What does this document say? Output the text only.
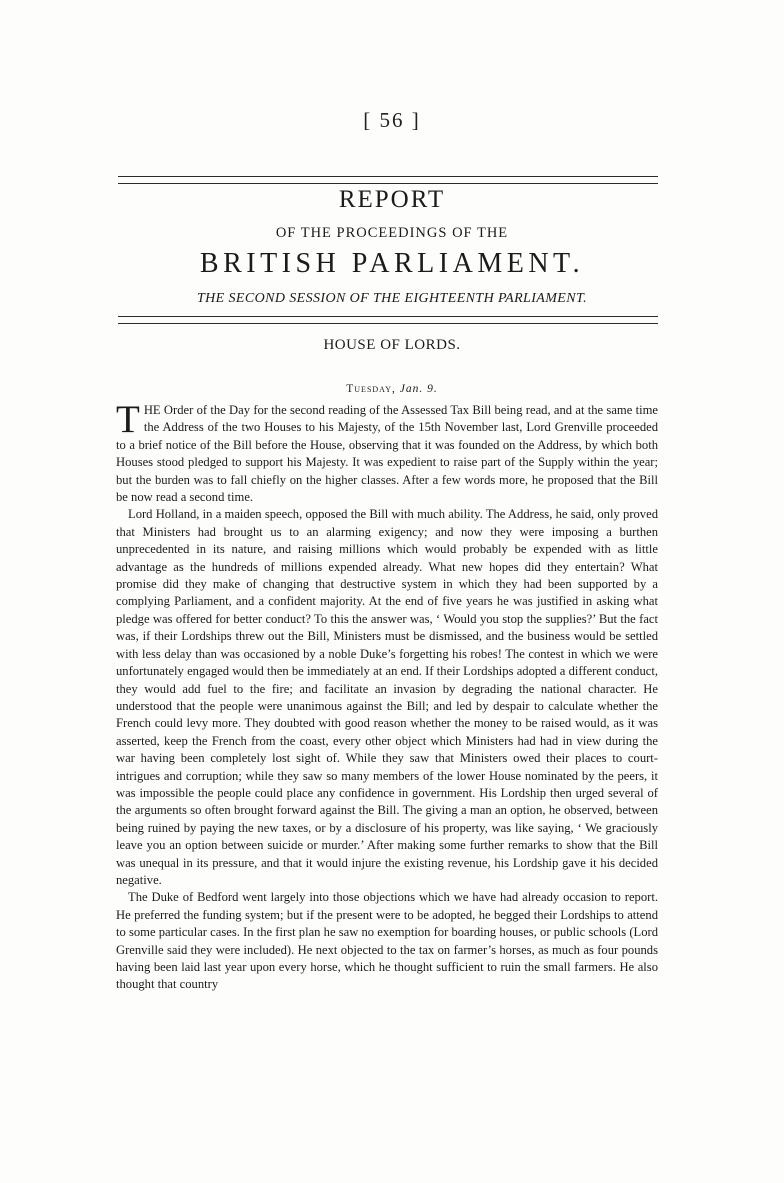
[ 56 ]
REPORT
OF THE PROCEEDINGS OF THE
BRITISH PARLIAMENT.
THE SECOND SESSION OF THE EIGHTEENTH PARLIAMENT.
HOUSE OF LORDS.
Tuesday, Jan. 9.

THE Order of the Day for the second reading of the Assessed Tax Bill being read, and at the same time the Address of the two Houses to his Majesty, of the 15th November last, Lord Grenville proceeded to a brief notice of the Bill before the House, observing that it was founded on the Address, by which both Houses stood pledged to support his Majesty. It was expedient to raise part of the Supply within the year; but the burden was to fall chiefly on the higher classes. After a few words more, he proposed that the Bill be now read a second time.

Lord Holland, in a maiden speech, opposed the Bill with much ability. The Address, he said, only proved that Ministers had brought us to an alarming exigency; and now they were imposing a burthen unprecedented in its nature, and raising millions which would probably be expended with as little advantage as the hundreds of millions expended already. What new hopes did they entertain? What promise did they make of changing that destructive system in which they had been supported by a complying Parliament, and a confident majority. At the end of five years he was justified in asking what pledge was offered for better conduct? To this the answer was, ‘ Would you stop the supplies?’ But the fact was, if their Lordships threw out the Bill, Ministers must be dismissed, and the business would be settled with less delay than was occasioned by a noble Duke’s forgetting his robes! The contest in which we were unfortunately engaged would then be immediately at an end. If their Lordships adopted a different conduct, they would add fuel to the fire; and facilitate an invasion by degrading the national character. He understood that the people were unanimous against the Bill; and led by despair to calculate whether the French could levy more. They doubted with good reason whether the money to be raised would, as it was asserted, keep the French from the coast, every other object which Ministers had had in view during the war having been completely lost sight of. While they saw that Ministers owed their places to court-intrigues and corruption; while they saw so many members of the lower House nominated by the peers, it was impossible the people could place any confidence in government. His Lordship then urged several of the arguments so often brought forward against the Bill. The giving a man an option, he observed, between being ruined by paying the new taxes, or by a disclosure of his property, was like saying, ‘ We graciously leave you an option between suicide or murder.’ After making some further remarks to show that the Bill was unequal in its pressure, and that it would injure the existing revenue, his Lordship gave it his decided negative.

The Duke of Bedford went largely into those objections which we have had already occasion to report. He preferred the funding system; but if the present were to be adopted, he begged their Lordships to attend to some particular cases. In the first plan he saw no exemption for boarding houses, or public schools (Lord Grenville said they were included). He next objected to the tax on farmer’s horses, as much as four pounds having been laid last year upon every horse, which he thought sufficient to ruin the small farmers. He also thought that country
